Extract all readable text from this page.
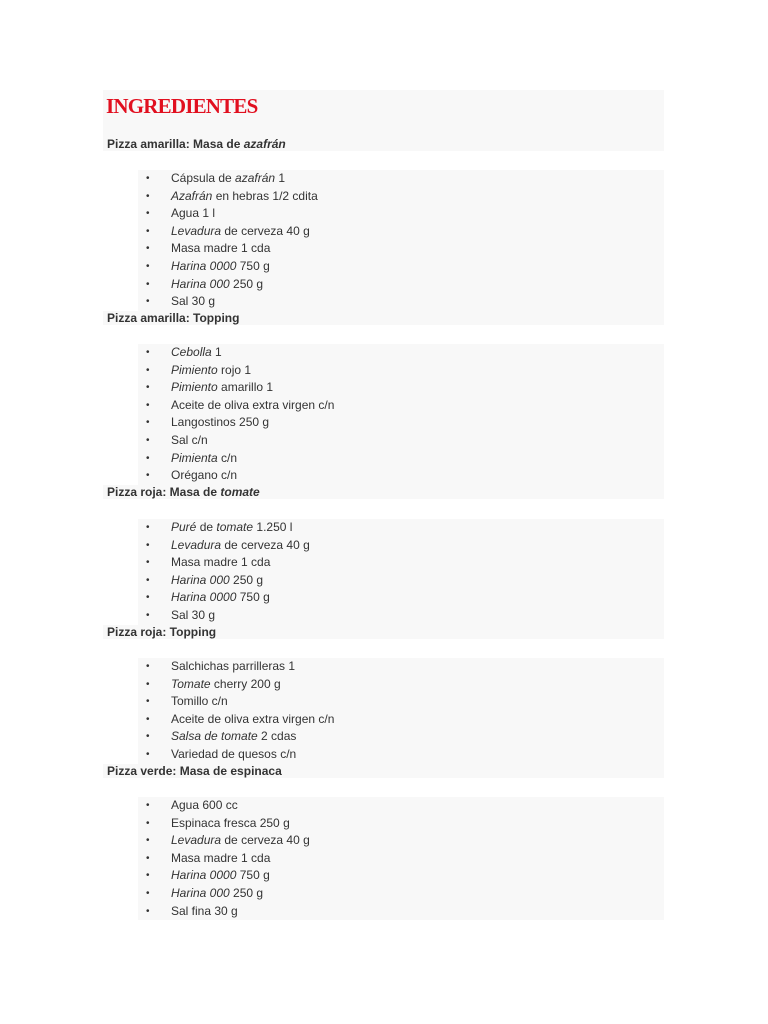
INGREDIENTES
Pizza amarilla: Masa de azafrán
• Cápsula de azafrán 1
• Azafrán en hebras 1/2 cdita
• Agua 1 l
• Levadura de cerveza 40 g
• Masa madre 1 cda
• Harina 0000 750 g
• Harina 000 250 g
• Sal 30 g
Pizza amarilla: Topping
• Cebolla 1
• Pimiento rojo 1
• Pimiento amarillo 1
• Aceite de oliva extra virgen c/n
• Langostinos 250 g
• Sal c/n
• Pimienta c/n
• Orégano c/n
Pizza roja: Masa de tomate
• Puré de tomate 1.250 l
• Levadura de cerveza 40 g
• Masa madre 1 cda
• Harina 000 250 g
• Harina 0000 750 g
• Sal 30 g
Pizza roja: Topping
• Salchichas parrilleras 1
• Tomate cherry 200 g
• Tomillo c/n
• Aceite de oliva extra virgen c/n
• Salsa de tomate 2 cdas
• Variedad de quesos c/n
Pizza verde: Masa de espinaca
• Agua 600 cc
• Espinaca fresca 250 g
• Levadura de cerveza 40 g
• Masa madre 1 cda
• Harina 0000 750 g
• Harina 000 250 g
• Sal fina 30 g
